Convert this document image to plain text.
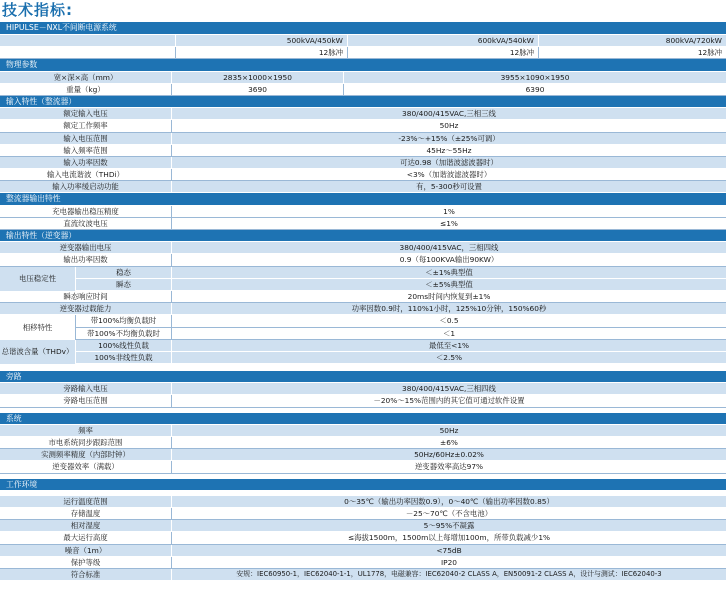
技术指标:
HIPULSE－NXL不间断电源系统
500kVA/450kW	600kVA/540kW	800kVA/720kW
12脉冲	12脉冲	12脉冲
物理参数
宽×深×高（mm）	2835×1000×1950	3955×1090×1950
重量（kg）	3690	6390
输入特性（整流器）
额定输入电压	380/400/415VAC,三相三线
额定工作频率	50Hz
输入电压范围	-23%～+15%（±25%可调）
输入频率范围	45Hz～55Hz
输入功率因数	可达0.98（加谐波滤波器时）
输入电流谐波（THDi）	<3%（加谐波滤波器时）
输入功率缓启动功能	有，5-300秒可设置
整流器输出特性
充电器输出稳压精度	1%
直流纹波电压	≤1%
输出特性（逆变器）
逆变器输出电压	380/400/415VAC，三相四线
输出功率因数	0.9（每100KVA输出90KW）
电压稳定性
稳态	＜±1%典型值
瞬态	＜±5%典型值
瞬态响应时间	20ms时间内恢复到±1%
逆变器过载能力	功率因数0.9时，110%1小时，125%10分钟，150%60秒
相移特性
带100%均衡负载时	＜0.5
带100%不均衡负载时	＜1
总谐波含量（THDv）
100%线性负载	最低至<1%
100%非线性负载	＜2.5%
旁路
旁路输入电压	380/400/415VAC,三相四线
旁路电压范围	－20%～15%范围内的其它值可通过软件设置
系统
频率	50Hz
市电系统同步跟踪范围	±6%
实测频率精度（内部时钟）	50Hz/60Hz±0.02%
逆变器效率（满载）	逆变器效率高达97%
工作环境
运行温度范围	0～35℃（输出功率因数0.9），0～40℃（输出功率因数0.85）
存储温度	－25～70℃（不含电池）
相对湿度	5～95%不凝露
最大运行高度	≤海拔1500m，1500m以上每增加100m，所带负载减少1%
噪音（1m）	<75dB
保护等级	IP20
符合标准	安规：IEC60950-1，IEC62040-1-1，UL1778，电磁兼容：IEC62040-2 CLASS A，EN50091-2 CLASS A，设计与测试：IEC62040-3
